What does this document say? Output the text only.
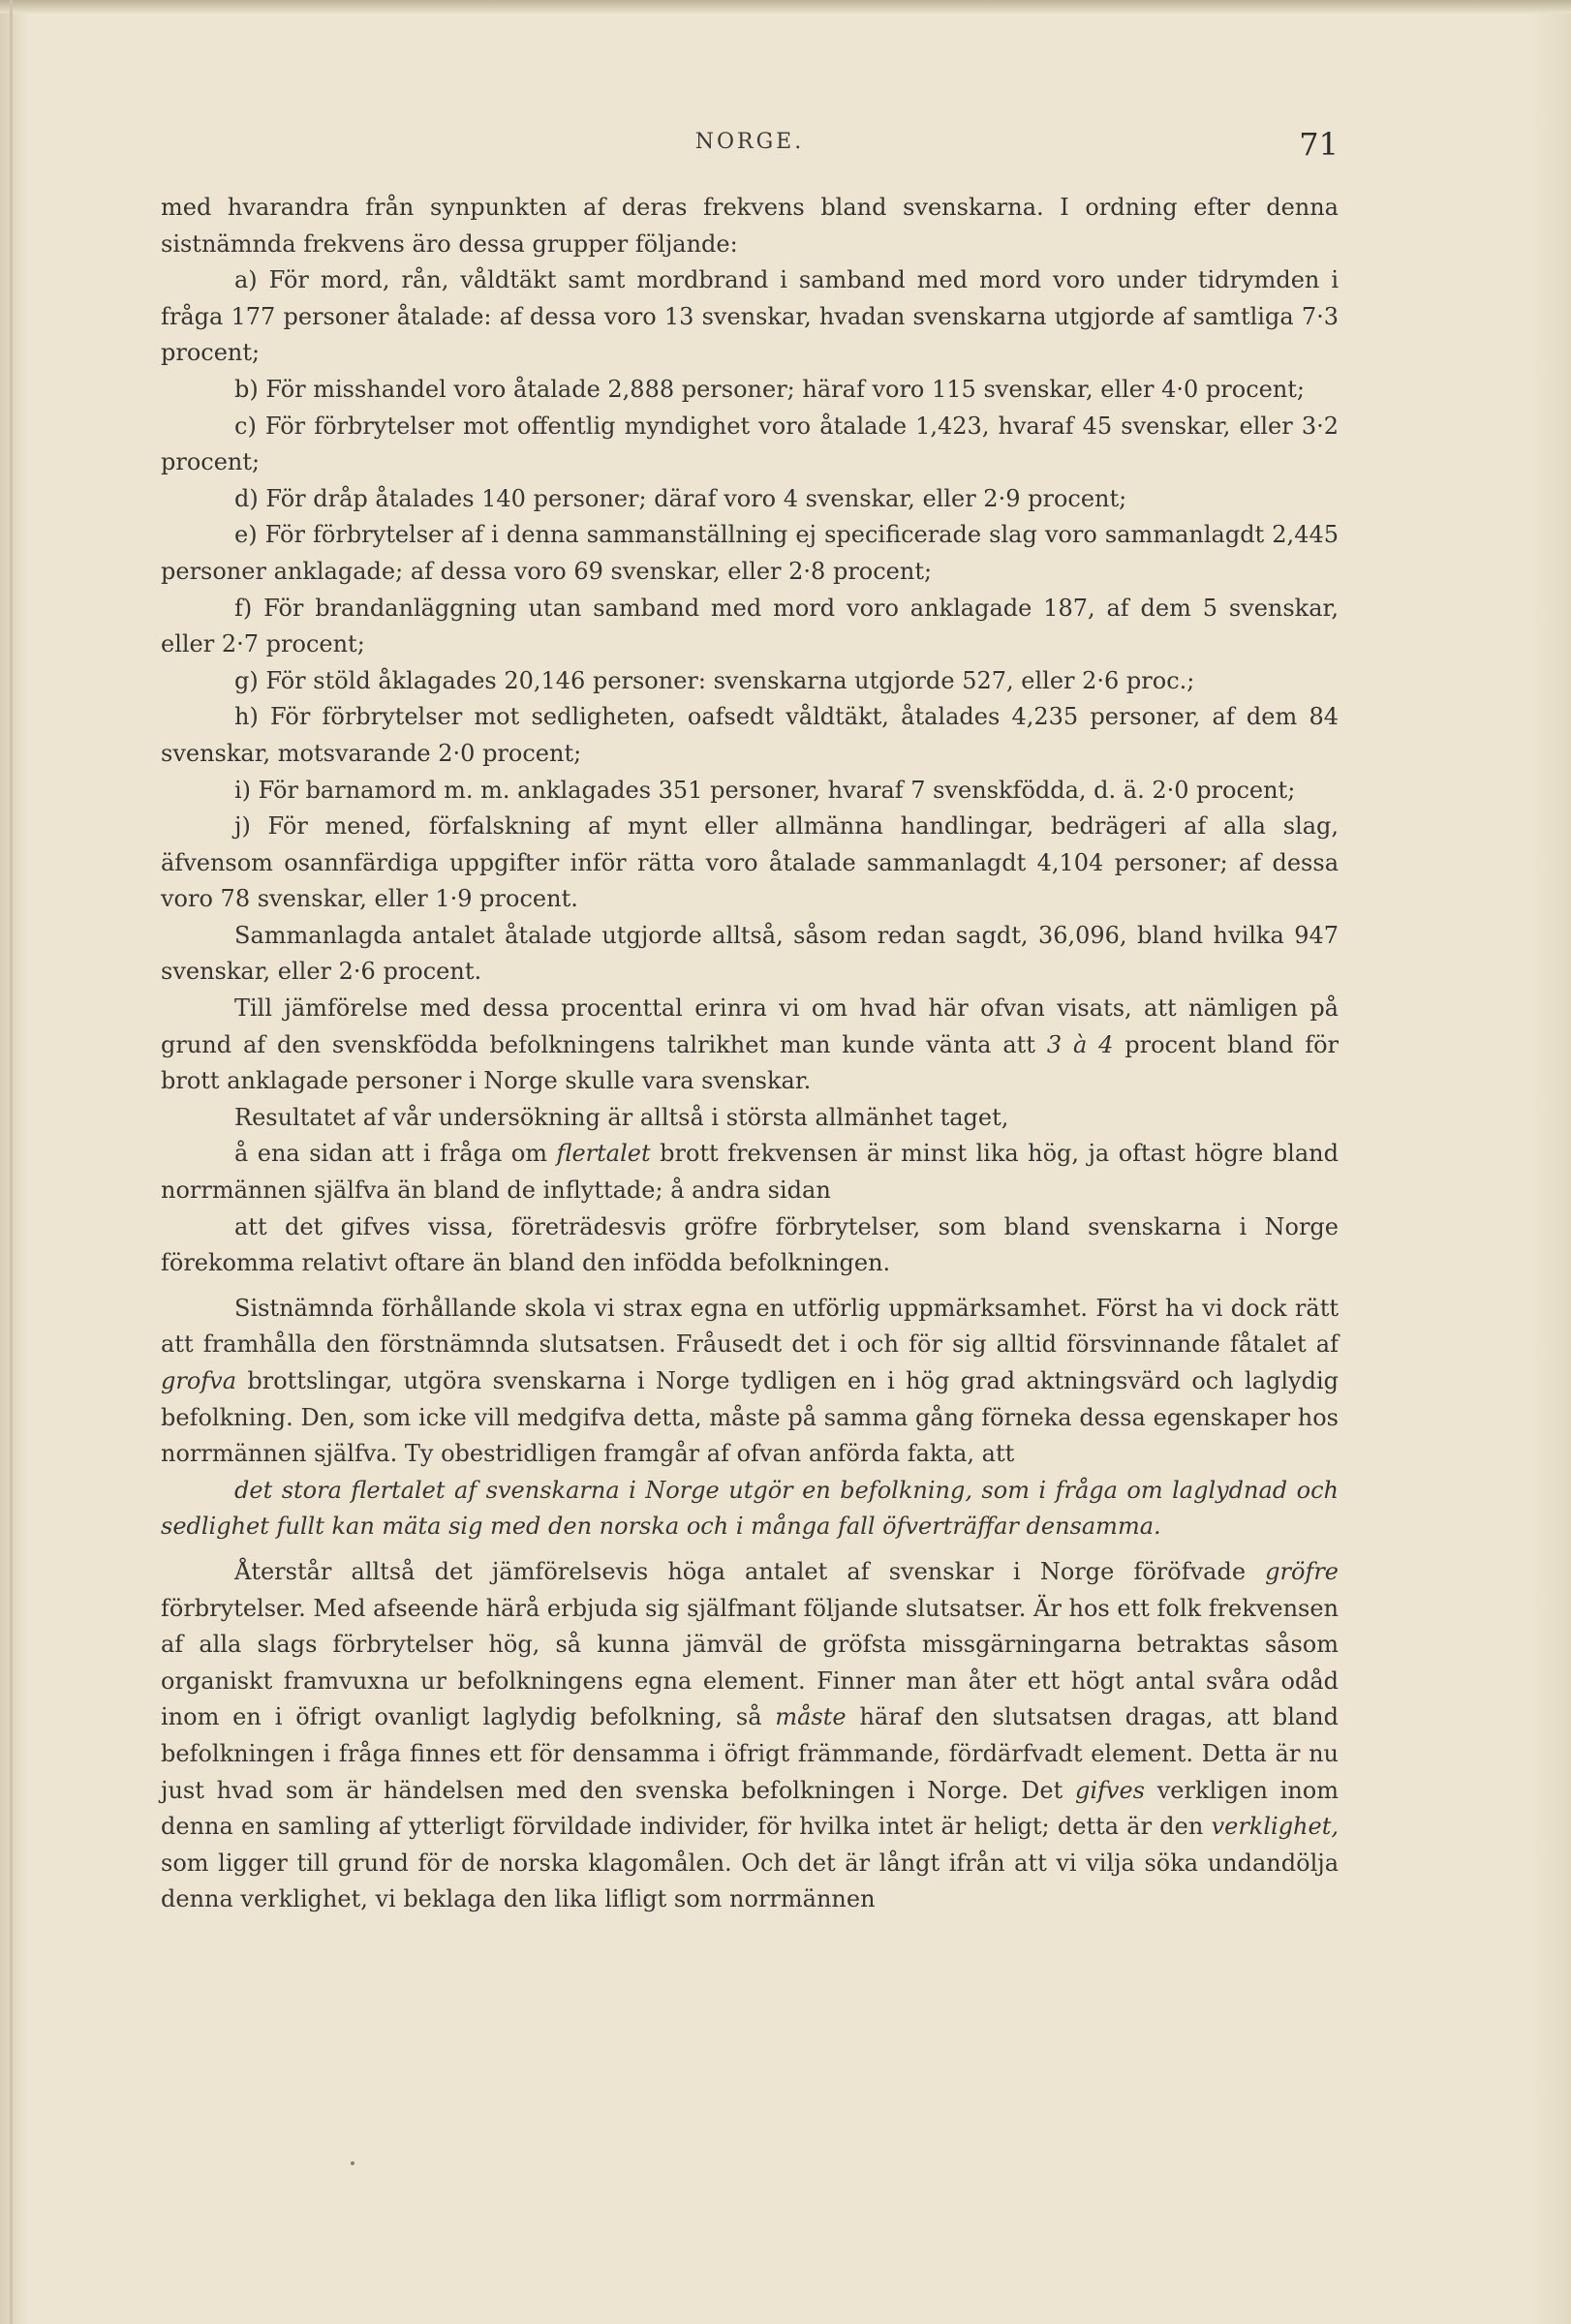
NORGE.	71

med hvarandra från synpunkten af deras frekvens bland svenskarna. I ordning efter denna sistnämnda frekvens äro dessa grupper följande:

a) För mord, rån, våldtäkt samt mordbrand i samband med mord voro under tidrymden i fråga 177 personer åtalade: af dessa voro 13 svenskar, hvadan svenskarna utgjorde af samtliga 7·3 procent;

b) För misshandel voro åtalade 2,888 personer; häraf voro 115 svenskar, eller 4·0 procent;

c) För förbrytelser mot offentlig myndighet voro åtalade 1,423, hvaraf 45 svenskar, eller 3·2 procent;

d) För dråp åtalades 140 personer; däraf voro 4 svenskar, eller 2·9 procent;

e) För förbrytelser af i denna sammanställning ej specificerade slag voro sammanlagdt 2,445 personer anklagade; af dessa voro 69 svenskar, eller 2·8 procent;

f) För brandanläggning utan samband med mord voro anklagade 187, af dem 5 svenskar, eller 2·7 procent;

g) För stöld åklagades 20,146 personer: svenskarna utgjorde 527, eller 2·6 proc.;

h) För förbrytelser mot sedligheten, oafsedt våldtäkt, åtalades 4,235 personer, af dem 84 svenskar, motsvarande 2·0 procent;

i) För barnamord m. m. anklagades 351 personer, hvaraf 7 svenskfödda, d. ä. 2·0 procent;

j) För mened, förfalskning af mynt eller allmänna handlingar, bedrägeri af alla slag, äfvensom osannfärdiga uppgifter inför rätta voro åtalade sammanlagdt 4,104 personer; af dessa voro 78 svenskar, eller 1·9 procent.

Sammanlagda antalet åtalade utgjorde alltså, såsom redan sagdt, 36,096, bland hvilka 947 svenskar, eller 2·6 procent.

Till jämförelse med dessa procenttal erinra vi om hvad här ofvan visats, att nämligen på grund af den svenskfödda befolkningens talrikhet man kunde vänta att 3 à 4 procent bland för brott anklagade personer i Norge skulle vara svenskar.

Resultatet af vår undersökning är alltså i största allmänhet taget,

å ena sidan att i fråga om flertalet brott frekvensen är minst lika hög, ja oftast högre bland norrmännen själfva än bland de inflyttade; å andra sidan

att det gifves vissa, företrädesvis gröfre förbrytelser, som bland svenskarna i Norge förekomma relativt oftare än bland den infödda befolkningen.

Sistnämnda förhållande skola vi strax egna en utförlig uppmärksamhet. Först ha vi dock rätt att framhålla den förstnämnda slutsatsen. Fråusedt det i och för sig alltid försvinnande fåtalet af grofva brottslingar, utgöra svenskarna i Norge tydligen en i hög grad aktningsvärd och laglydig befolkning. Den, som icke vill medgifva detta, måste på samma gång förneka dessa egenskaper hos norrmännen själfva. Ty obestridligen framgår af ofvan anförda fakta, att

det stora flertalet af svenskarna i Norge utgör en befolkning, som i fråga om laglydnad och sedlighet fullt kan mäta sig med den norska och i många fall öfverträffar densamma.

Återstår alltså det jämförelsevis höga antalet af svenskar i Norge föröfvade gröfre förbrytelser. Med afseende härå erbjuda sig själfmant följande slutsatser. Är hos ett folk frekvensen af alla slags förbrytelser hög, så kunna jämväl de gröfsta missgärningarna betraktas såsom organiskt framvuxna ur befolkningens egna element. Finner man åter ett högt antal svåra odåd inom en i öfrigt ovanligt laglydig befolkning, så måste häraf den slutsatsen dragas, att bland befolkningen i fråga finnes ett för densamma i öfrigt främmande, fördärfvadt element. Detta är nu just hvad som är händelsen med den svenska befolkningen i Norge. Det gifves verkligen inom denna en samling af ytterligt förvildade individer, för hvilka intet är heligt; detta är den verklighet, som ligger till grund för de norska klagomålen. Och det är långt ifrån att vi vilja söka undandölja denna verklighet, vi beklaga den lika lifligt som norrmännen
